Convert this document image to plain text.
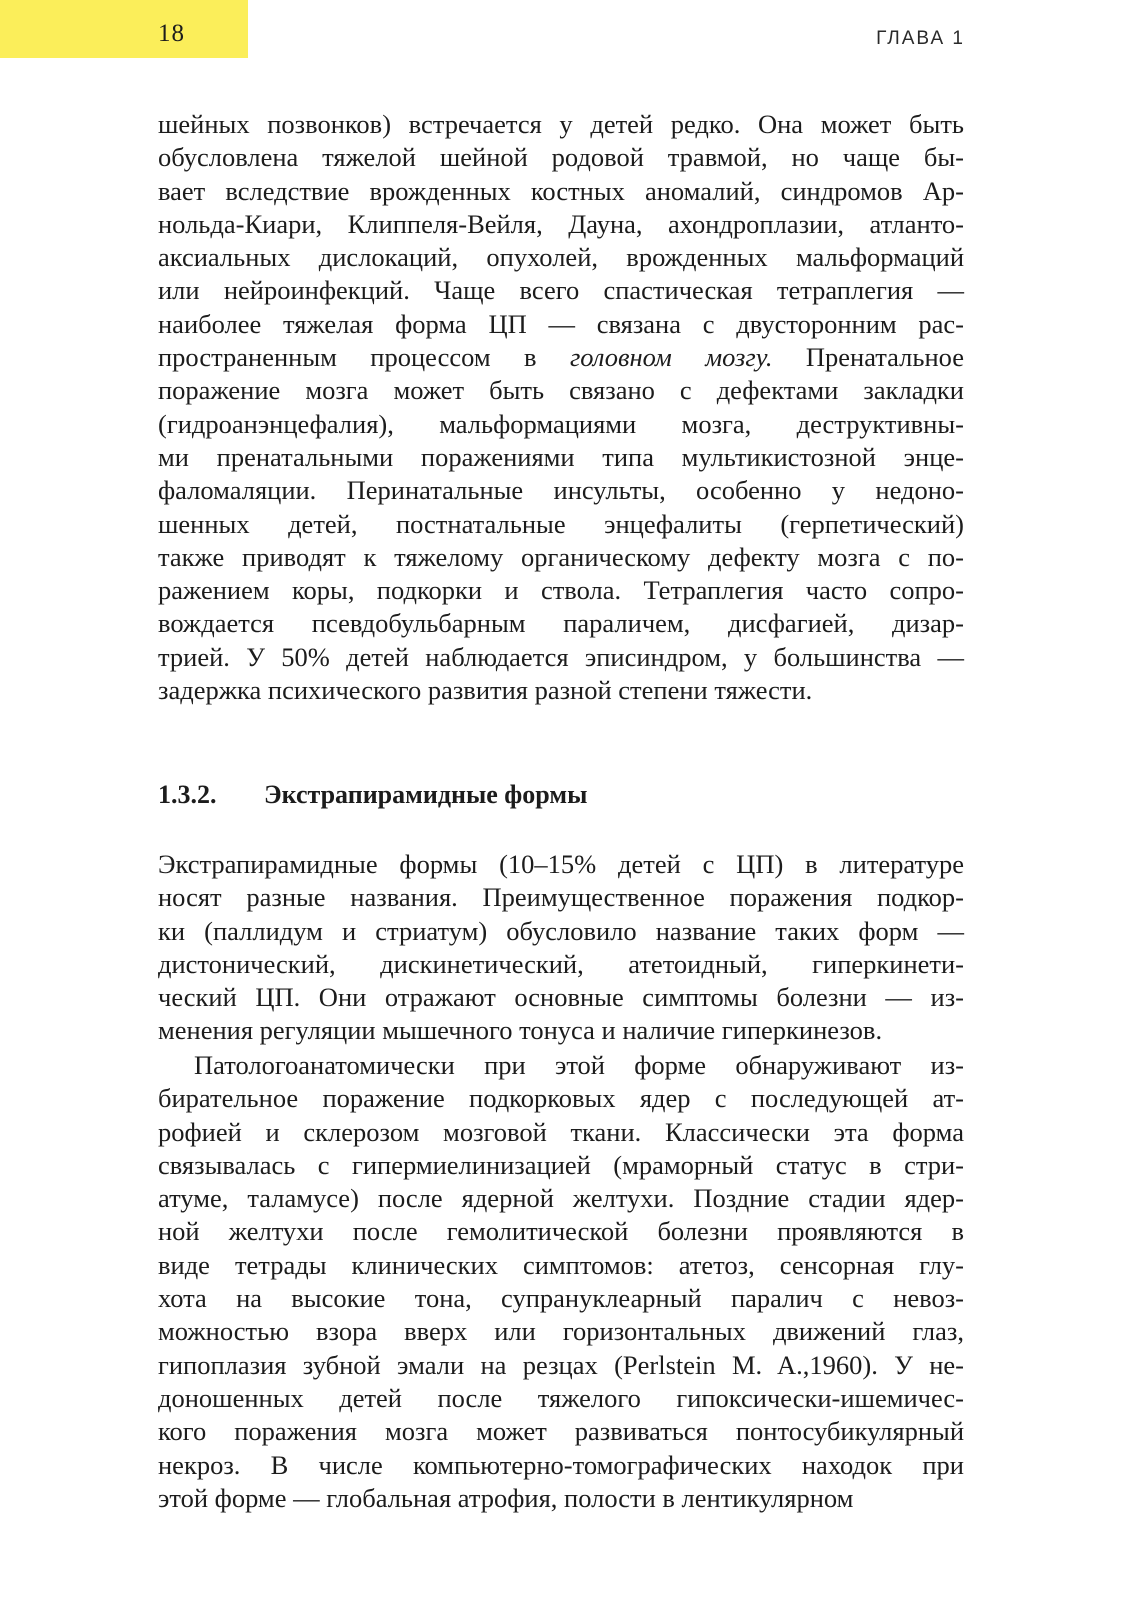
18	ГЛАВА 1
шейных позвонков) встречается у детей редко. Она может быть
обусловлена тяжелой шейной родовой травмой, но чаще бы-
вает вследствие врожденных костных аномалий, синдромов Ар-
нольда-Киари, Клиппеля-Вейля, Дауна, ахондроплазии, атланто-
аксиальных дислокаций, опухолей, врожденных мальформаций
или нейроинфекций. Чаще всего спастическая тетраплегия —
наиболее тяжелая форма ЦП — связана с двусторонним рас-
пространенным процессом в головном мозгу. Пренатальное
поражение мозга может быть связано с дефектами закладки
(гидроанэнцефалия), мальформациями мозга, деструктивны-
ми пренатальными поражениями типа мультикистозной энце-
фаломаляции. Перинатальные инсульты, особенно у недоно-
шенных детей, постнатальные энцефалиты (герпетический)
также приводят к тяжелому органическому дефекту мозга с по-
ражением коры, подкорки и ствола. Тетраплегия часто сопро-
вождается псевдобульбарным параличем, дисфагией, дизар-
трией. У 50% детей наблюдается эписиндром, у большинства —
задержка психического развития разной степени тяжести.
1.3.2. Экстрапирамидные формы
Экстрапирамидные формы (10–15% детей с ЦП) в литературе
носят разные названия. Преимущественное поражения подкор-
ки (паллидум и стриатум) обусловило название таких форм —
дистонический, дискинетический, атетоидный, гиперкинети-
ческий ЦП. Они отражают основные симптомы болезни — из-
менения регуляции мышечного тонуса и наличие гиперкинезов.
Патологоанатомически при этой форме обнаруживают из-
бирательное поражение подкорковых ядер с последующей ат-
рофией и склерозом мозговой ткани. Классически эта форма
связывалась с гипермиелинизацией (мраморный статус в стри-
атуме, таламусе) после ядерной желтухи. Поздние стадии ядер-
ной желтухи после гемолитической болезни проявляются в
виде тетрады клинических симптомов: атетоз, сенсорная глу-
хота на высокие тона, супрануклеарный паралич с невоз-
можностью взора вверх или горизонтальных движений глаз,
гипоплазия зубной эмали на резцах (Perlstein M. A.,1960). У не-
доношенных детей после тяжелого гипоксически-ишемичес-
кого поражения мозга может развиваться понтосубикулярный
некроз. В числе компьютерно-томографических находок при
этой форме — глобальная атрофия, полости в лентикулярном
